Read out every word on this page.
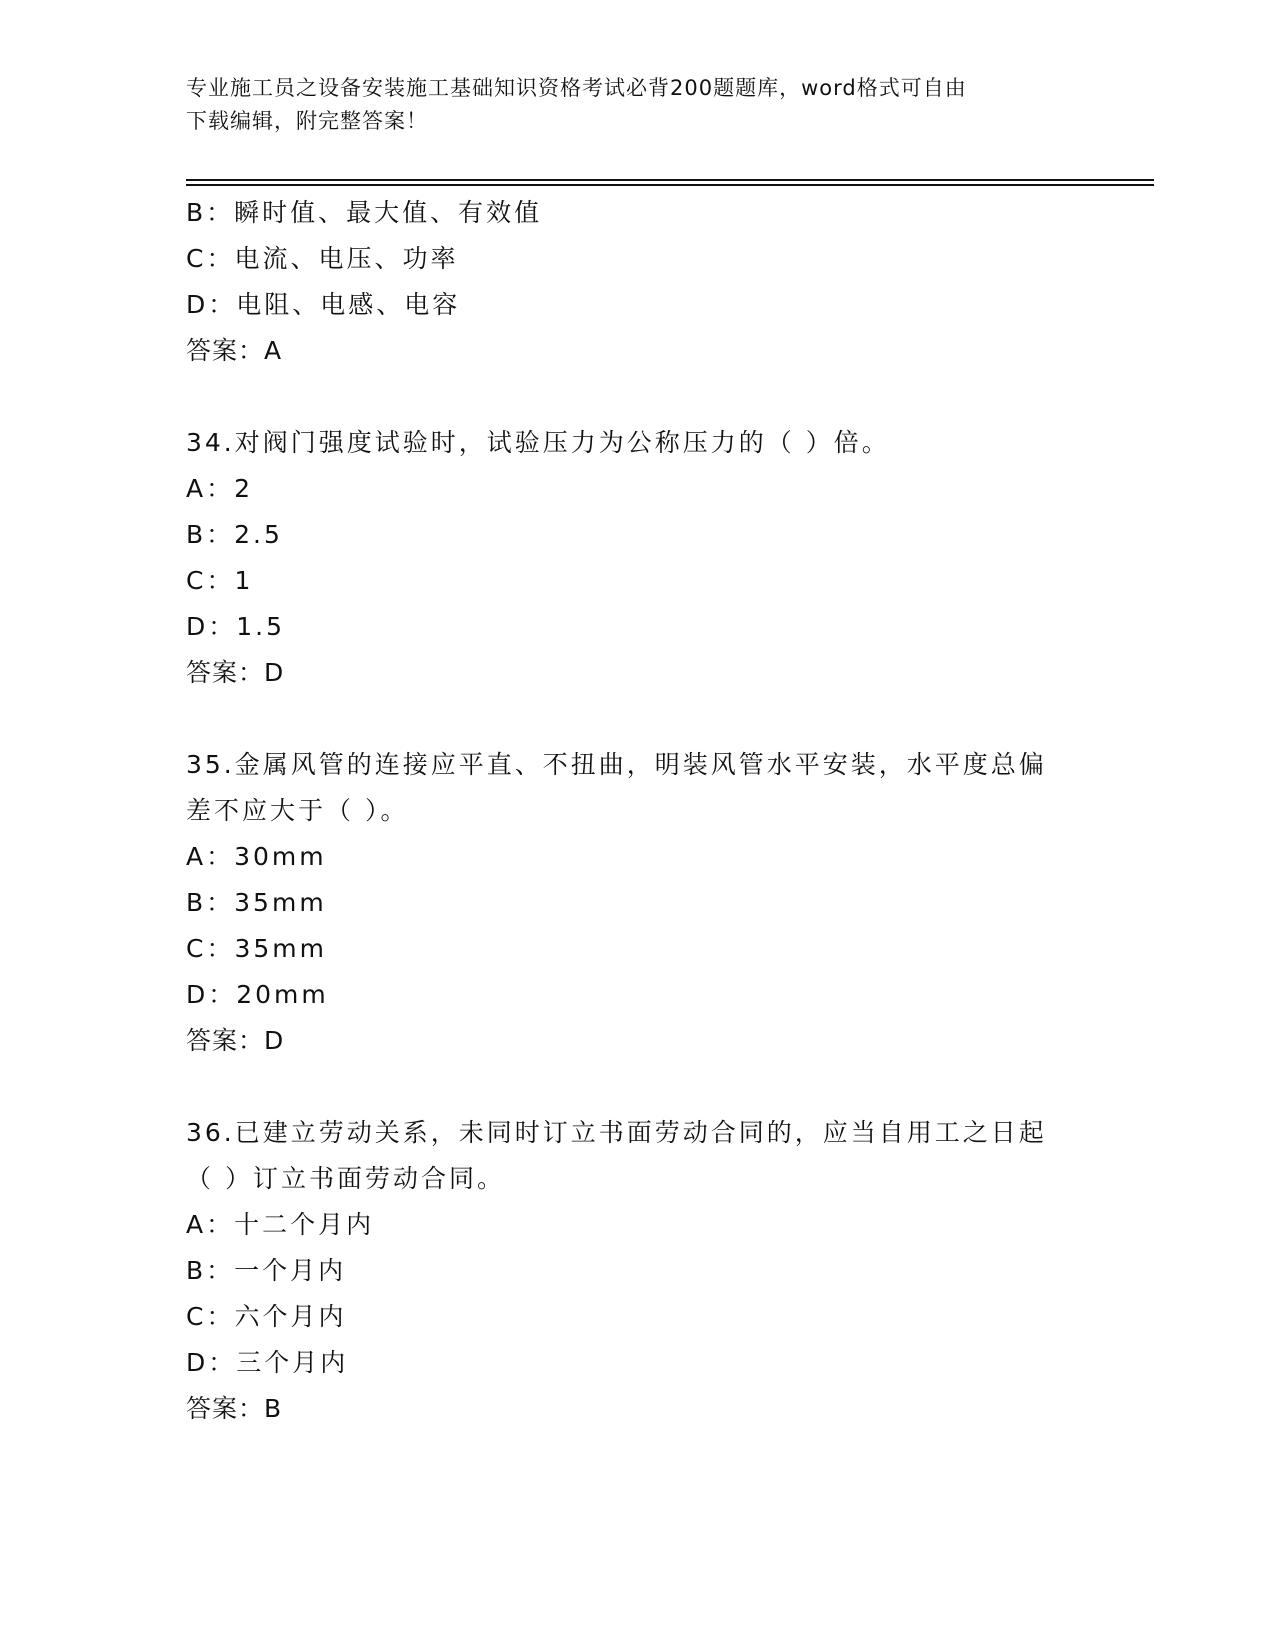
专业施工员之设备安装施工基础知识资格考试必背200题题库，word格式可自由
下载编辑，附完整答案！
B：瞬时值、最大值、有效值
C：电流、电压、功率
D：电阻、电感、电容
答案：A
34.对阀门强度试验时，试验压力为公称压力的（ ）倍。
A：2
B：2.5
C：1
D：1.5
答案：D
35.金属风管的连接应平直、不扭曲，明装风管水平安装，水平度总偏
差不应大于（ ）。
A：30mm
B：35mm
C：35mm
D：20mm
答案：D
36.已建立劳动关系，未同时订立书面劳动合同的，应当自用工之日起
（ ）订立书面劳动合同。
A：十二个月内
B：一个月内
C：六个月内
D：三个月内
答案：B
